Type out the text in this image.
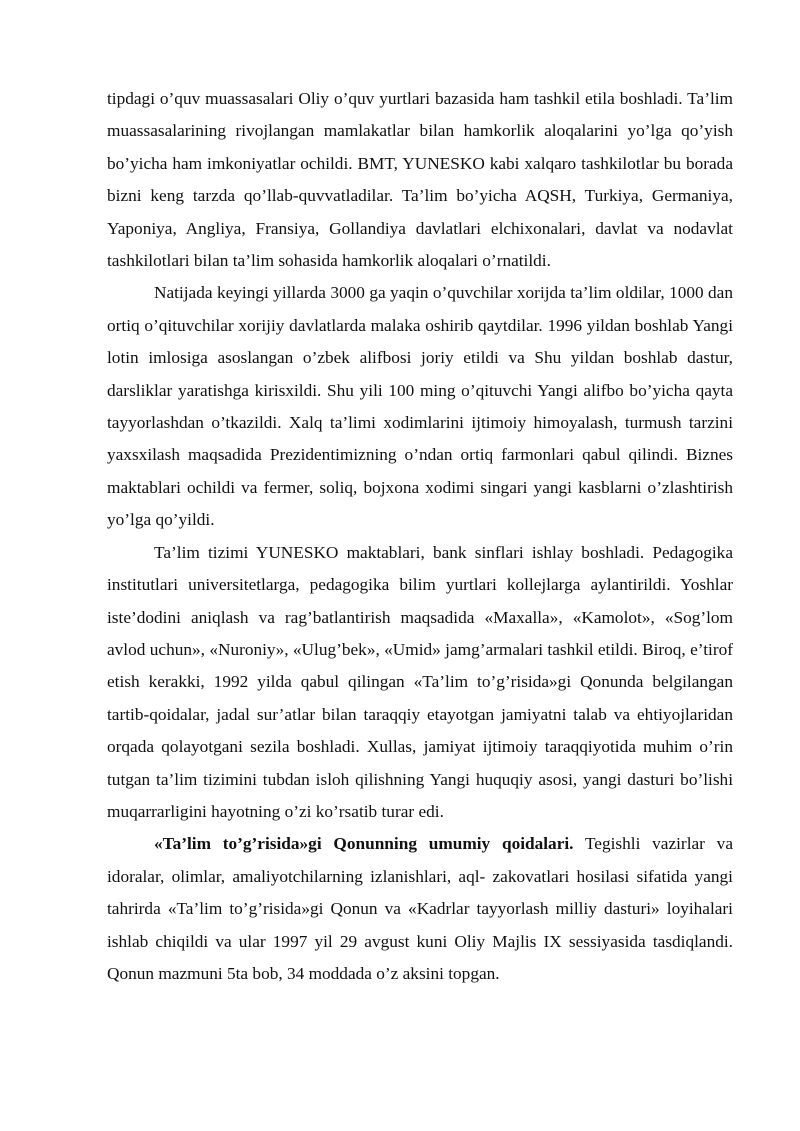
tipdagi o’quv muassasalari Oliy o’quv yurtlari bazasida ham tashkil etila boshladi. Ta’lim muassasalarining rivojlangan mamlakatlar bilan hamkorlik aloqalarini yo’lga qo’yish bo’yicha ham imkoniyatlar ochildi. BMT, YUNESKO kabi xalqaro tashkilotlar bu borada bizni keng tarzda qo’llab-quvvatladilar. Ta’lim bo’yicha AQSH, Turkiya, Germaniya, Yaponiya, Angliya, Fransiya, Gollandiya davlatlari elchixonalari, davlat va nodavlat tashkilotlari bilan ta’lim sohasida hamkorlik aloqalari o’rnatildi.

Natijada keyingi yillarda 3000 ga yaqin o’quvchilar xorijda ta’lim oldilar, 1000 dan ortiq o’qituvchilar xorijiy davlatlarda malaka oshirib qaytdilar. 1996 yildan boshlab Yangi lotin imlosiga asoslangan o’zbek alifbosi joriy etildi va Shu yildan boshlab dastur, darsliklar yaratishga kirisxildi. Shu yili 100 ming o’qituvchi Yangi alifbo bo’yicha qayta tayyorlashdan o’tkazildi. Xalq ta’limi xodimlarini ijtimoiy himoyalash, turmush tarzini yaxsxilash maqsadida Prezidentimizning o’ndan ortiq farmonlari qabul qilindi. Biznes maktablari ochildi va fermer, soliq, bojxona xodimi singari yangi kasblarni o’zlashtirish yo’lga qo’yildi.

Ta’lim tizimi YUNESKO maktablari, bank sinflari ishlay boshladi. Pedagogika institutlari universitetlarga, pedagogika bilim yurtlari kollejlarga aylantirildi. Yoshlar iste’dodini aniqlash va rag’batlantirish maqsadida «Maxalla», «Kamolot», «Sog’lom avlod uchun», «Nuroniy», «Ulug’bek», «Umid» jamg’armalari tashkil etildi. Biroq, e’tirof etish kerakki, 1992 yilda qabul qilingan «Ta’lim to’g’risida»gi Qonunda belgilangan tartib-qoidalar, jadal sur’atlar bilan taraqqiy etayotgan jamiyatni talab va ehtiyojlaridan orqada qolayotgani sezila boshladi. Xullas, jamiyat ijtimoiy taraqqiyotida muhim o’rin tutgan ta’lim tizimini tubdan isloh qilishning Yangi huquqiy asosi, yangi dasturi bo’lishi muqarrarligini hayotning o’zi ko’rsatib turar edi.

«Ta’lim to’g’risida»gi Qonunning umumiy qoidalari. Tegishli vazirlar va idoralar, olimlar, amaliyotchilarning izlanishlari, aql- zakovatlari hosilasi sifatida yangi tahrirda «Ta’lim to’g’risida»gi Qonun va «Kadrlar tayyorlash milliy dasturi» loyihalari ishlab chiqildi va ular 1997 yil 29 avgust kuni Oliy Majlis IX sessiyasida tasdiqlandi. Qonun mazmuni 5ta bob, 34 moddada o’z aksini topgan.
